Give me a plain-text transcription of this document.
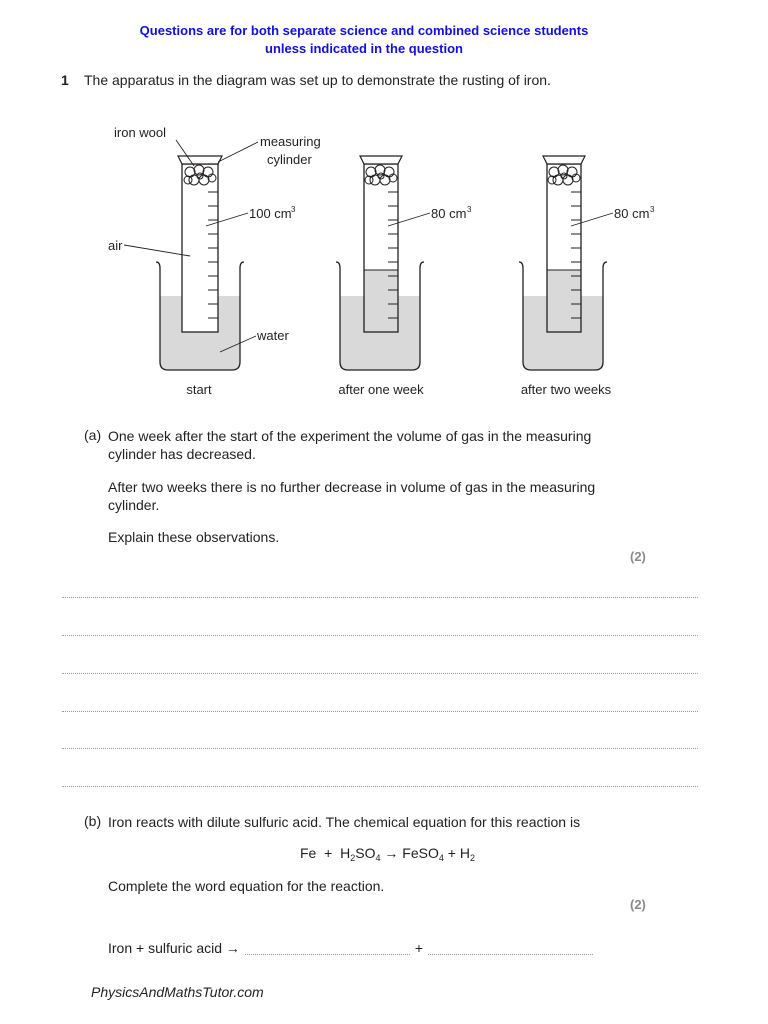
Questions are for both separate science and combined science students
unless indicated in the question
1 The apparatus in the diagram was set up to demonstrate the rusting of iron.
iron wool
measuring
cylinder
air
water
100 cm 3
start
80 cm 3
after one week
80 cm 3
after two weeks
(a) One week after the start of the experiment the volume of gas in the measuring cylinder has decreased.
After two weeks there is no further decrease in volume of gas in the measuring cylinder.
Explain these observations.
(2)
(b) Iron reacts with dilute sulfuric acid. The chemical equation for this reaction is
$Fe + H_2SO_4$ → FeSO$_4$ + $H_2$
Complete the word equation for the reaction.
(2)
Iron + sulfuric acid →	+
PhysicsAndMathsTutor.com
